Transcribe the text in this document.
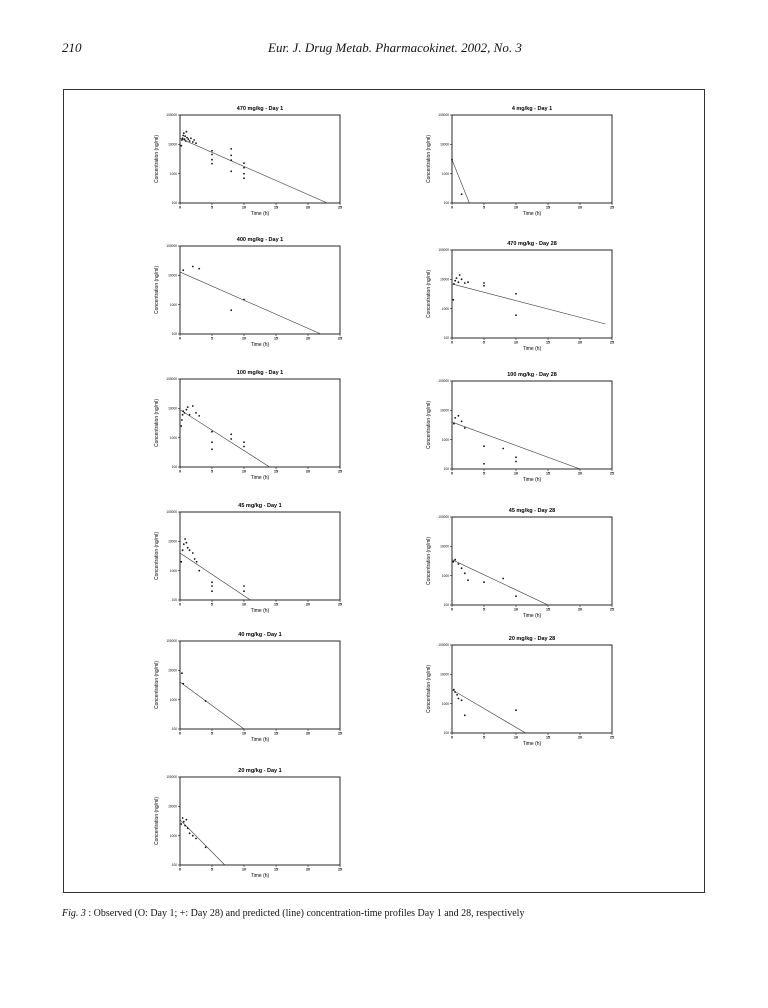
210	Eur. J. Drug Metab. Pharmacokinet. 2002, No. 3
470 mg/kg - Day 1
100
1000
10000
100000
0	5	10	15	20	25
Time (h)
Concentration (ng/ml)
4 mg/kg - Day 1
100
1000
10000
100000
0	5	10	15	20	25
Time (h)
Concentration (ng/ml)
400 mg/kg - Day 1
100
1000
10000
100000
0	5	10	15	20	25
Time (h)
Concentration (ng/ml)
470 mg/kg - Day 28
100
1000
10000
100000
0	5	10	15	20	25
Time (h)
Concentration (ng/ml)
100 mg/kg - Day 1
100
1000
10000
100000
0	5	10	15	20	25
Time (h)
Concentration (ng/ml)
100 mg/kg - Day 28
100
1000
10000
100000
0	5	10	15	20	25
Time (h)
Concentration (ng/ml)
45 mg/kg - Day 1
100
1000
10000
100000
0	5	10	15	20	25
Time (h)
Concentration (ng/ml)
45 mg/kg - Day 28
100
1000
10000
100000
0	5	10	15	20	25
Time (h)
Concentration (ng/ml)
40 mg/kg - Day 1
100
1000
10000
100000
0	5	10	15	20	25
Time (h)
Concentration (ng/ml)
20 mg/kg - Day 28
100
1000
10000
100000
0	5	10	15	20	25
Time (h)
Concentration (ng/ml)
20 mg/kg - Day 1
100
1000
10000
100000
0	5	10	15	20	25
Time (h)
Concentration (ng/ml)
Fig. 3 : Observed (O: Day 1; +: Day 28) and predicted (line) concentration-time profiles Day 1 and 28, respectively
